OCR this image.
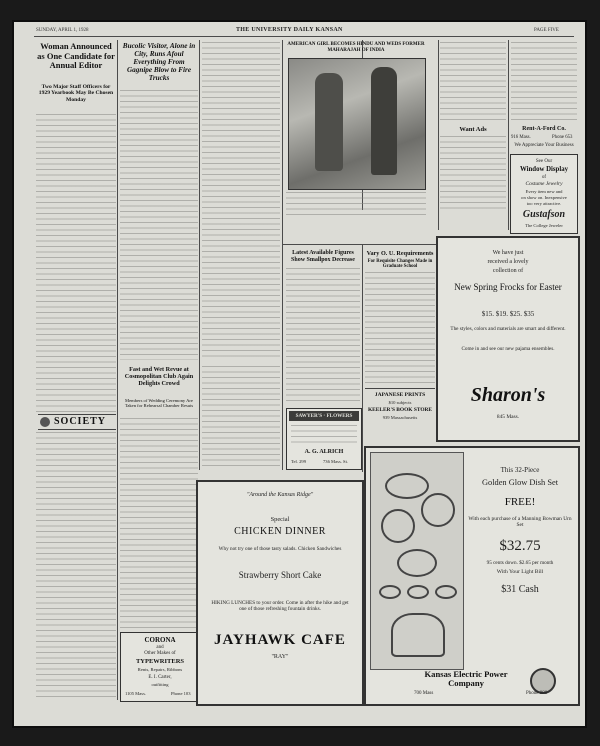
SUNDAY, APRIL 1, 1928	THE UNIVERSITY DAILY KANSAN	PAGE FIVE
Woman Announced as One Candidate for Annual Editor
Two Major Staff Officers for 1929 Yearbook May Be Chosen Monday
SOCIETY
Bucolic Visitor, Alone in City, Runs Afoul Everything From Gagnipe Blow to Fire Trucks
Fast and Wet Revue at Cosmopolitan Club Again Delights Crowd
Members of Wedding Ceremony Are Taken for Rehearsal Chamber Resuts
CORONA
and
Other Makes of
TYPEWRITERS
Rents, Repairs, Ribbons
E. I. Carter,
outfitting
1105 Mass.	Phone 103
AMERICAN GIRL BECOMES HINDU AND WEDS FORMER MAHARAJAH OF INDIA
Want Ads	Rent-A-Ford Co.
916 Mass.	Phone 653
We Appreciate Your Business
See Our
Window Display
of
Costume Jewelry
Every item new and
on show on. Inexpensive
too very attractive.
Gustafson
The College Jeweler
Latest Available Figures Show Smallpox Decrease
Vary O. U. Requirements
For Requisite Changes Made in Graduate School
JAPANESE PRINTS
$10 subjects
KEELER'S BOOK STORE
939 Massachusetts
SAWYER'S · FLOWERS
A. G. ALRICH
Tel. 299	736 Mass. St.
"Around the Kansas Ridge"
Special
CHICKEN DINNER
Why not try one of those tasty salads. Chicken Sandwiches
Strawberry Short Cake
HIKING LUNCHES to your order. Come in after the hike and get one of those refreshing fountain drinks.
JAYHAWK CAFE
"RAY"
We have just
received a lovely
collection of
New Spring Frocks for Easter
$15. $19. $25. $35
The styles, colors and materials are smart and different.
Come in and see our new pajama ensembles.
Sharon's
845 Mass.
This 32-Piece
Golden Glow Dish Set
FREE!
With each purchase of a Manning Bowman Urn Set
$32.75
95 cents down. $2.65 per month
With Your Light Bill
$31 Cash
Kansas Electric Power Company
700 Mass	Phone 880
